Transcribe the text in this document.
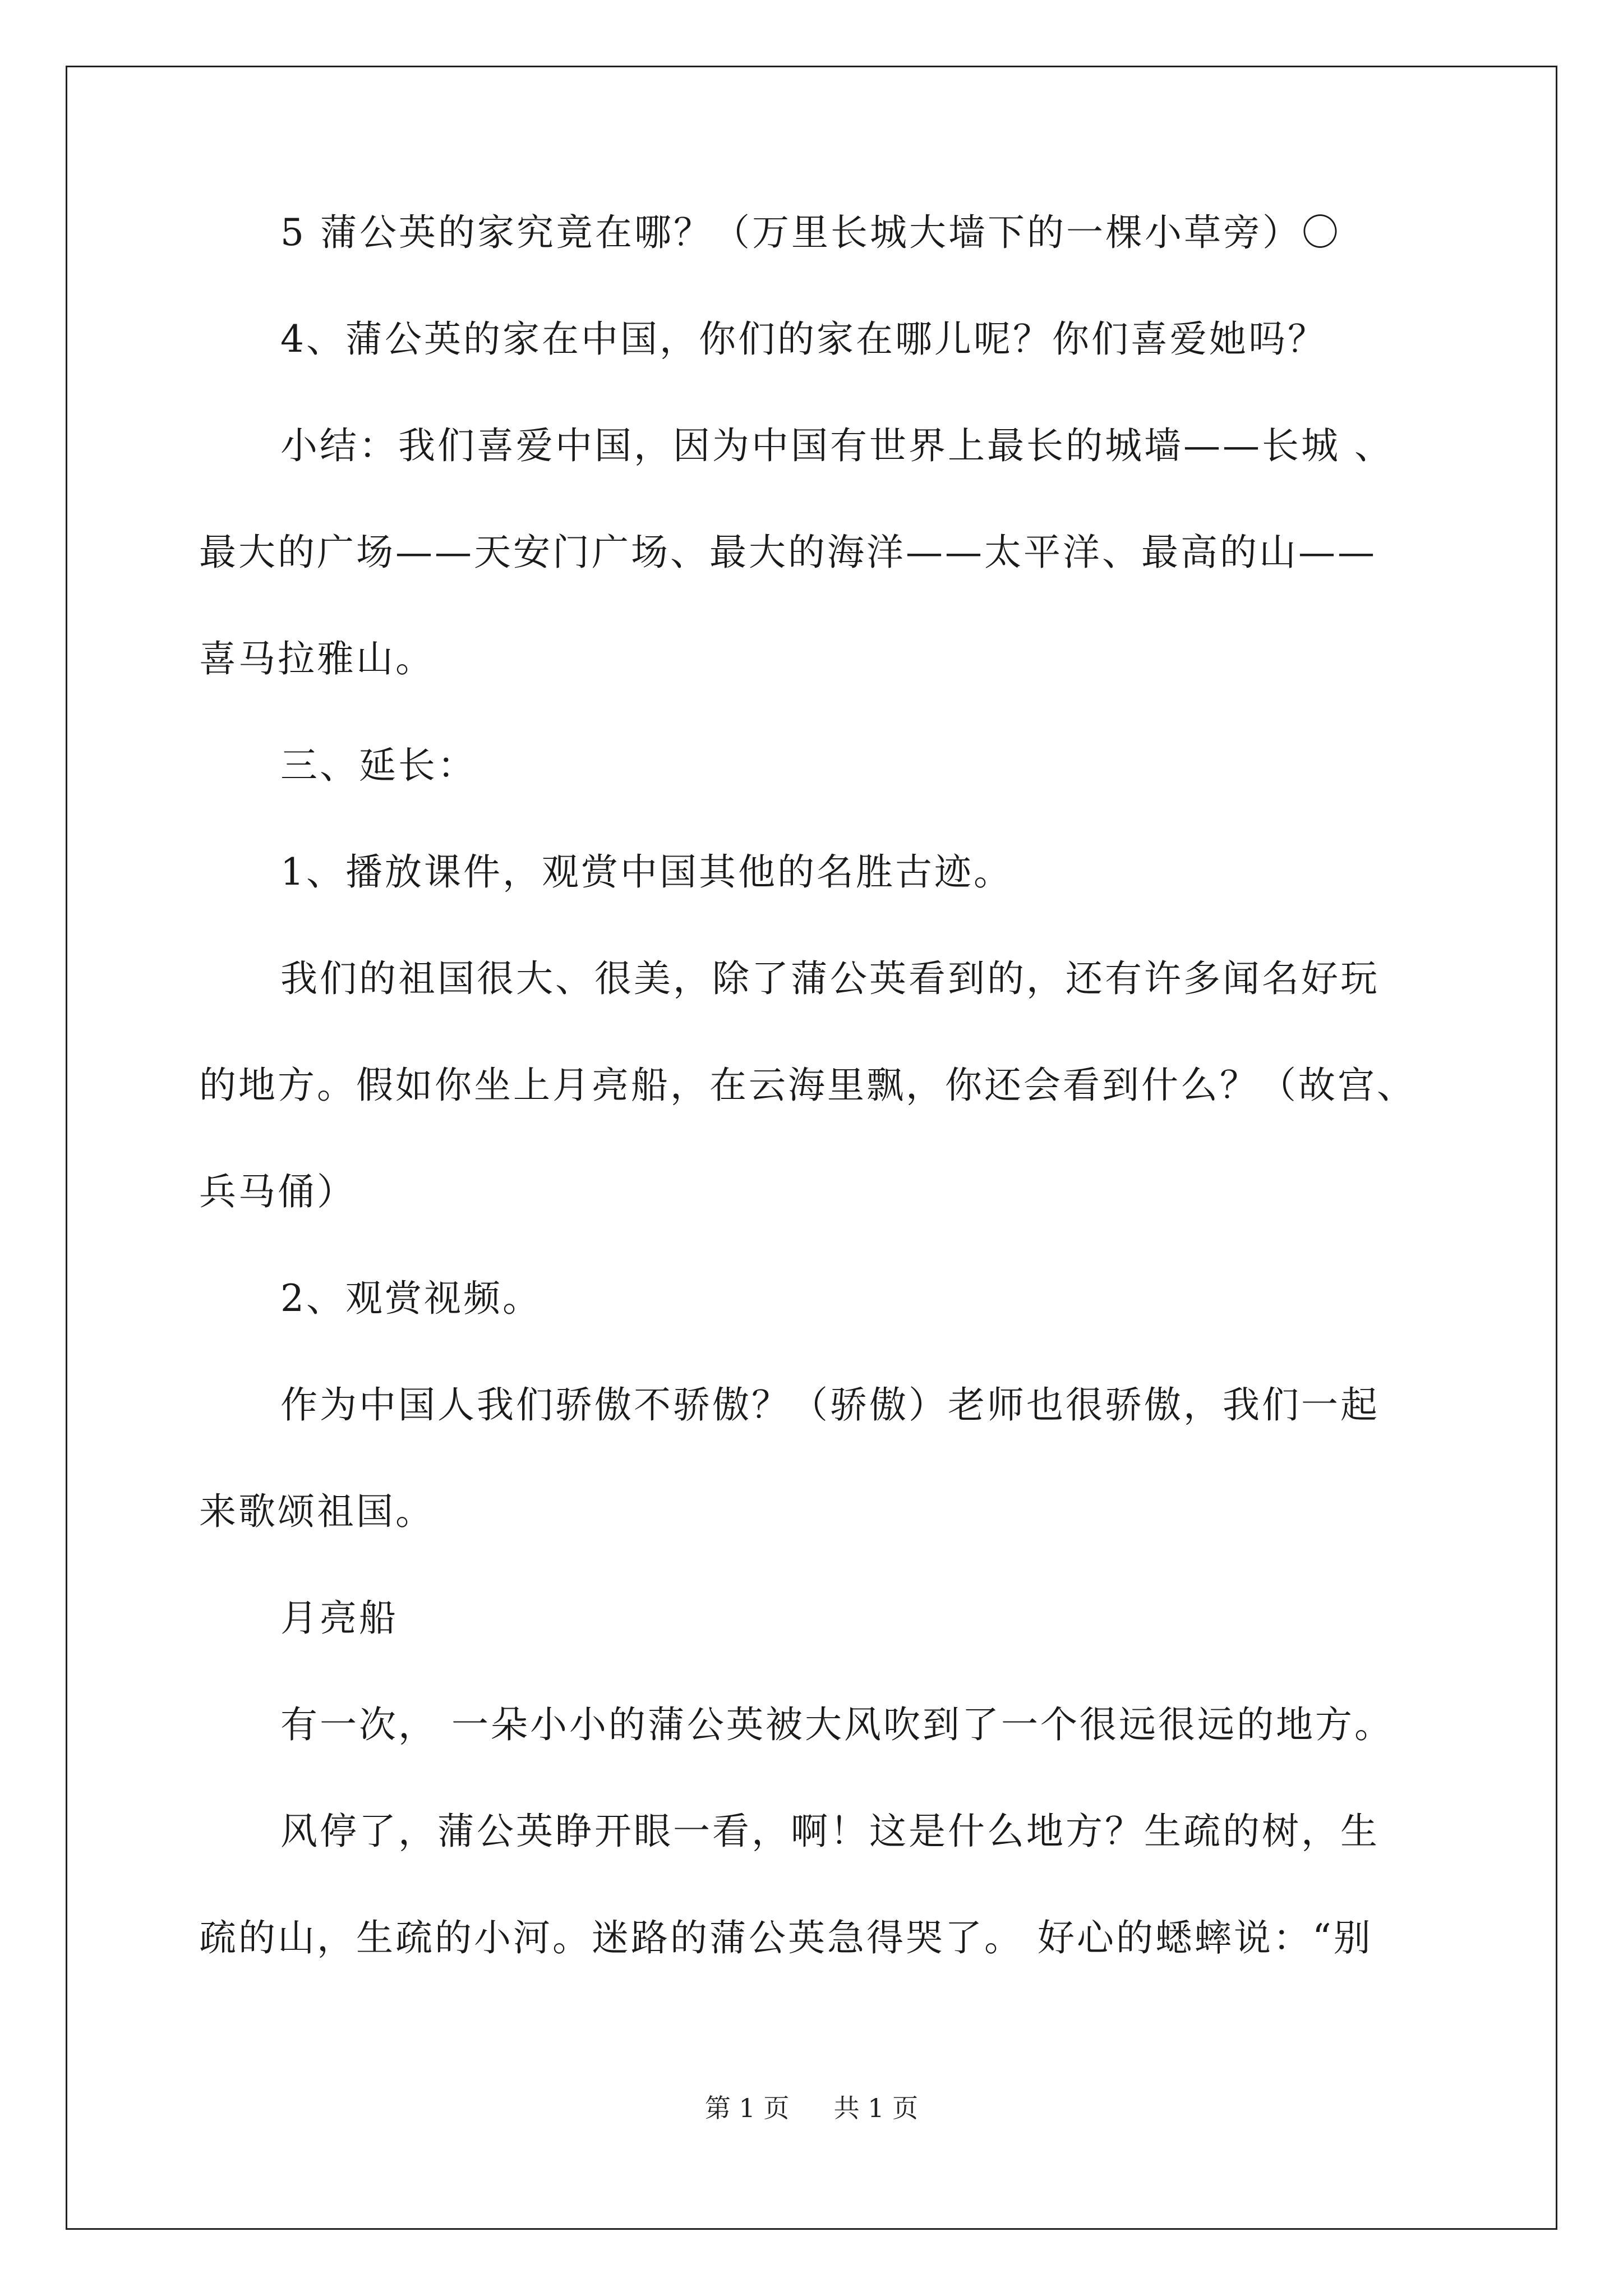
5 蒲公英的家究竟在哪？（万里长城大墙下的一棵小草旁）〇
4、蒲公英的家在中国，你们的家在哪儿呢？你们喜爱她吗？
小结：我们喜爱中国，因为中国有世界上最长的城墙——长城 、
最大的广场——天安门广场、最大的海洋——太平洋、最高的山——
喜马拉雅山。
三、延长：
1、播放课件，观赏中国其他的名胜古迹。
我们的祖国很大、很美，除了蒲公英看到的，还有许多闻名好玩
的地方。假如你坐上月亮船，在云海里飘，你还会看到什么？（故宫、
兵马俑）
2、观赏视频。
作为中国人我们骄傲不骄傲？（骄傲）老师也很骄傲，我们一起
来歌颂祖国。
月亮船
有一次， 一朵小小的蒲公英被大风吹到了一个很远很远的地方。
风停了，蒲公英睁开眼一看，啊！这是什么地方？生疏的树，生
疏的山，生疏的小河。迷路的蒲公英急得哭了。 好心的蟋蟀说：“别
第 1 页 共 1 页
